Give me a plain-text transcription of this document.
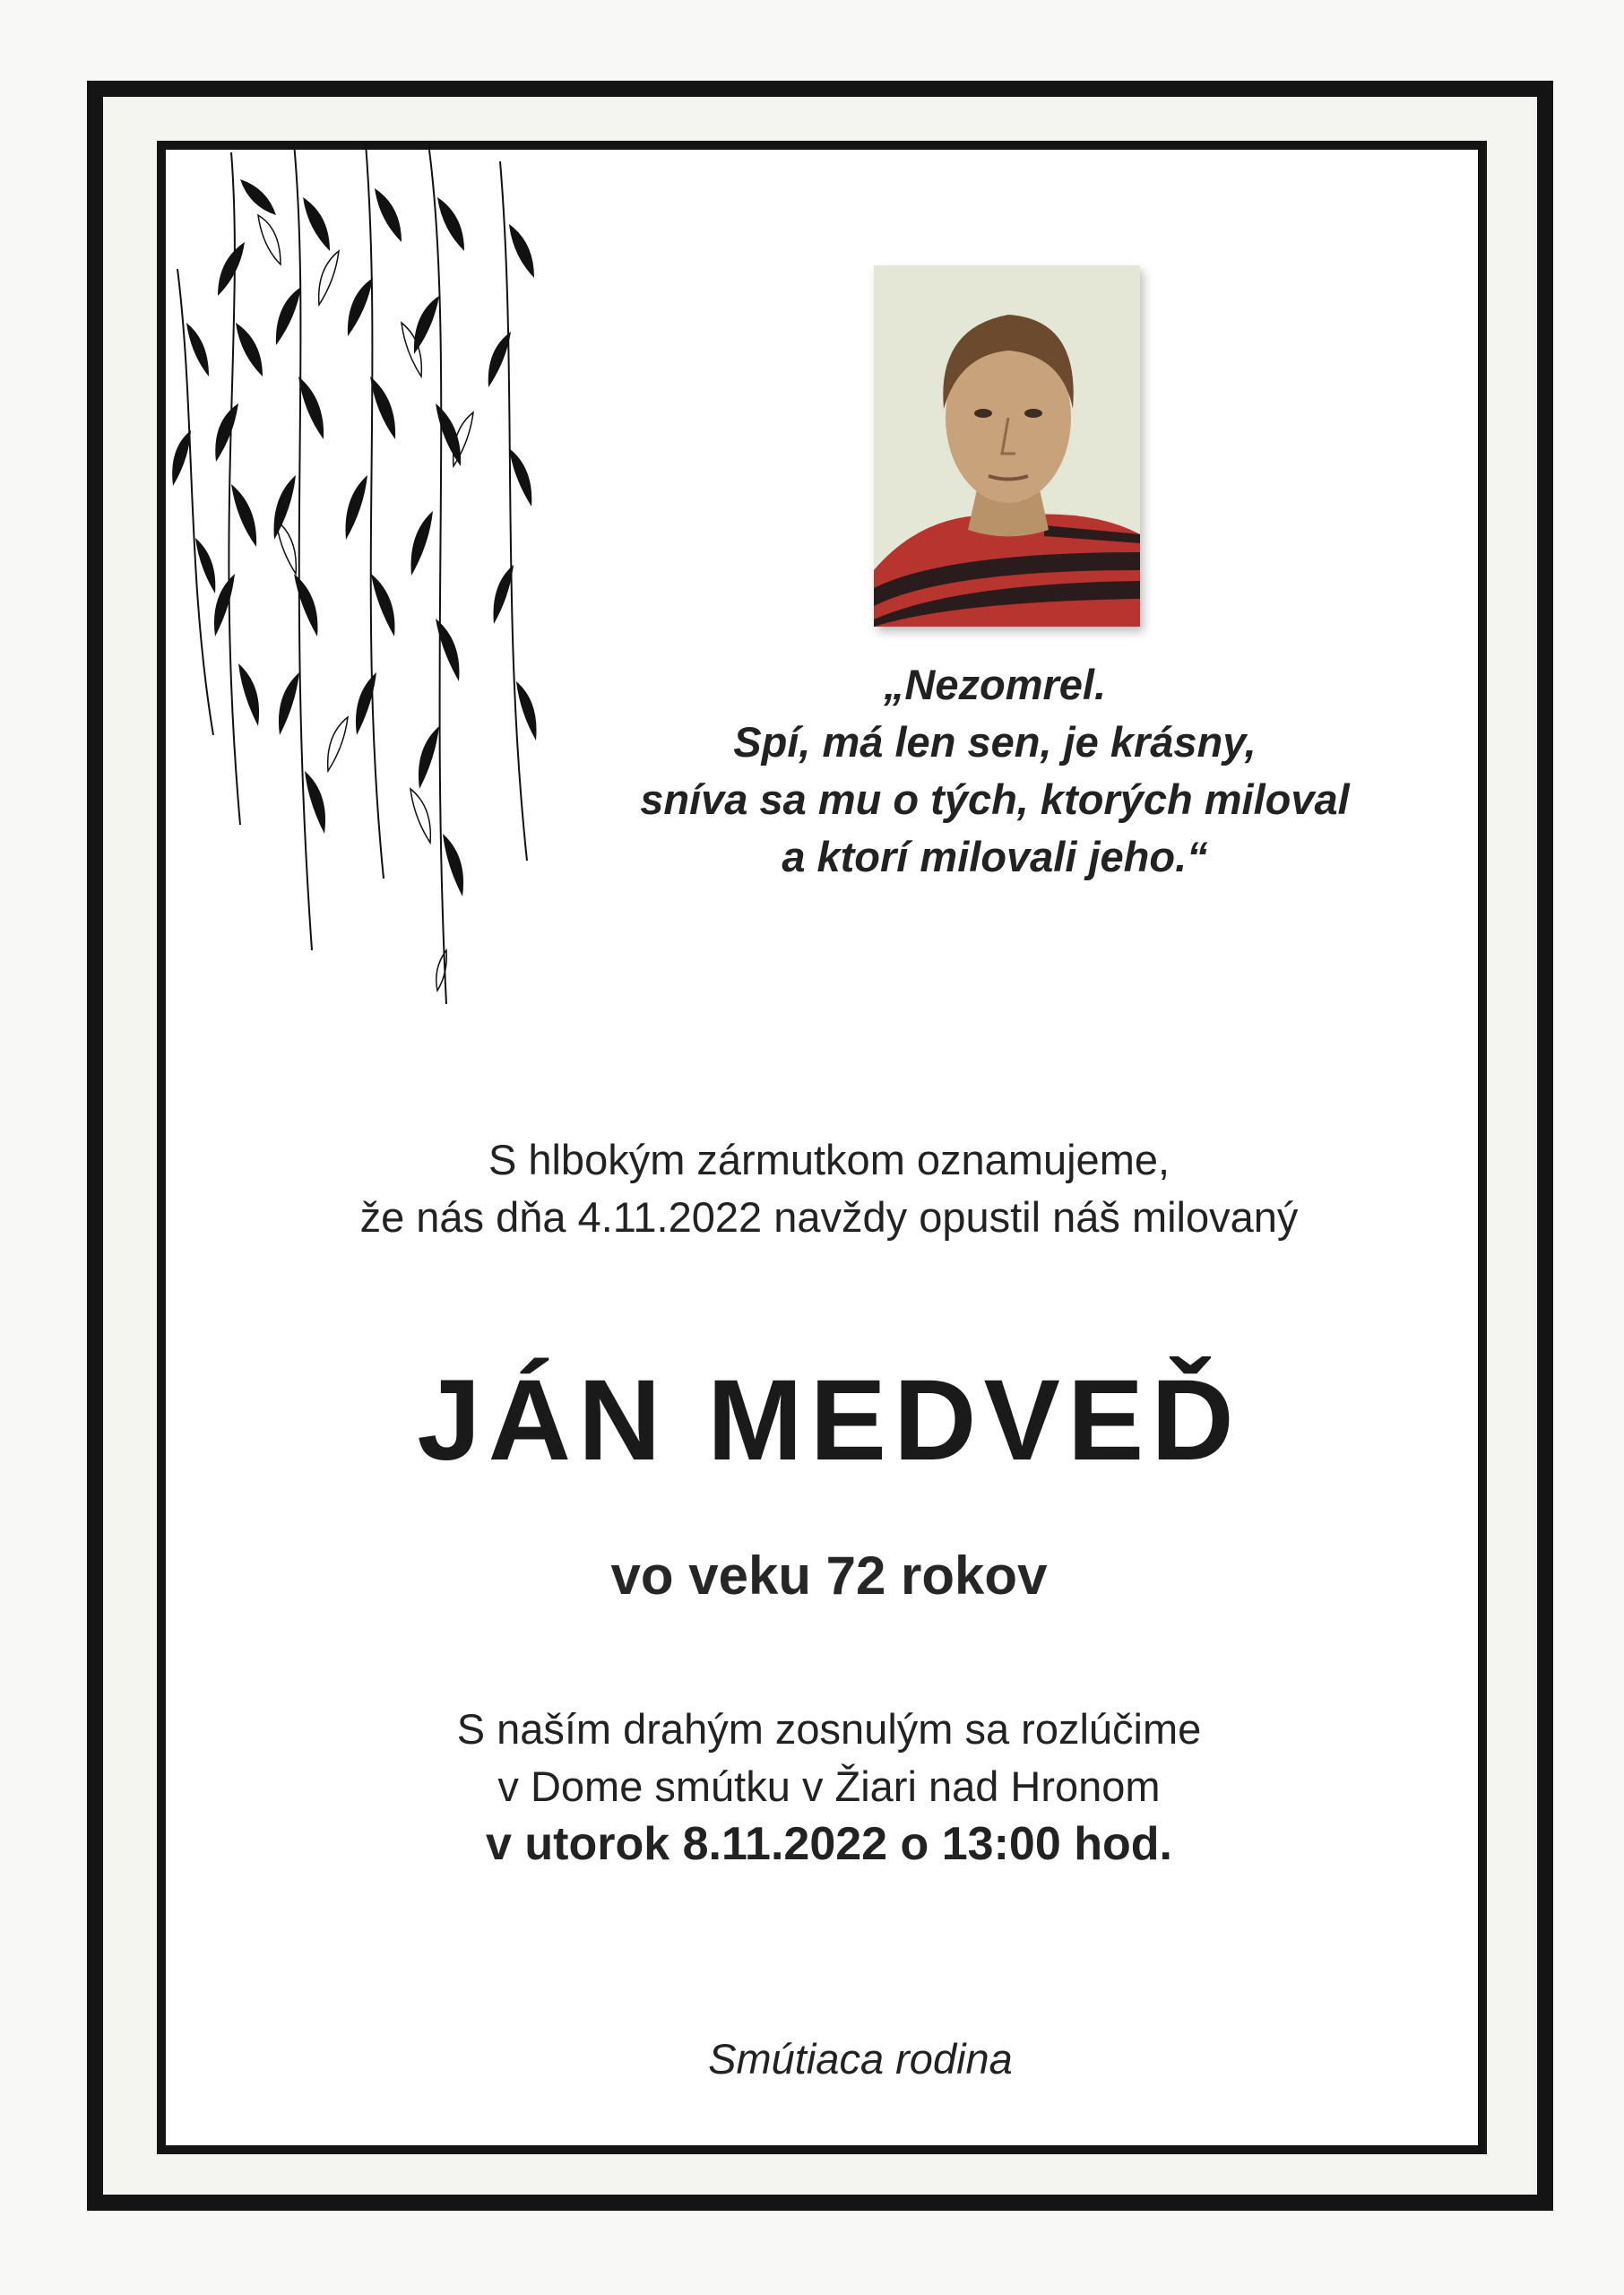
„Nezomrel.
Spí, má len sen, je krásny,
sníva sa mu o tých, ktorých miloval
a ktorí milovali jeho.“
S hlbokým zármutkom oznamujeme,
že nás dňa 4.11.2022 navždy opustil náš milovaný
JÁN MEDVEĎ
vo veku 72 rokov
S naším drahým zosnulým sa rozlúčime
v Dome smútku v Žiari nad Hronom
v utorok 8.11.2022 o 13:00 hod.
Smútiaca rodina
